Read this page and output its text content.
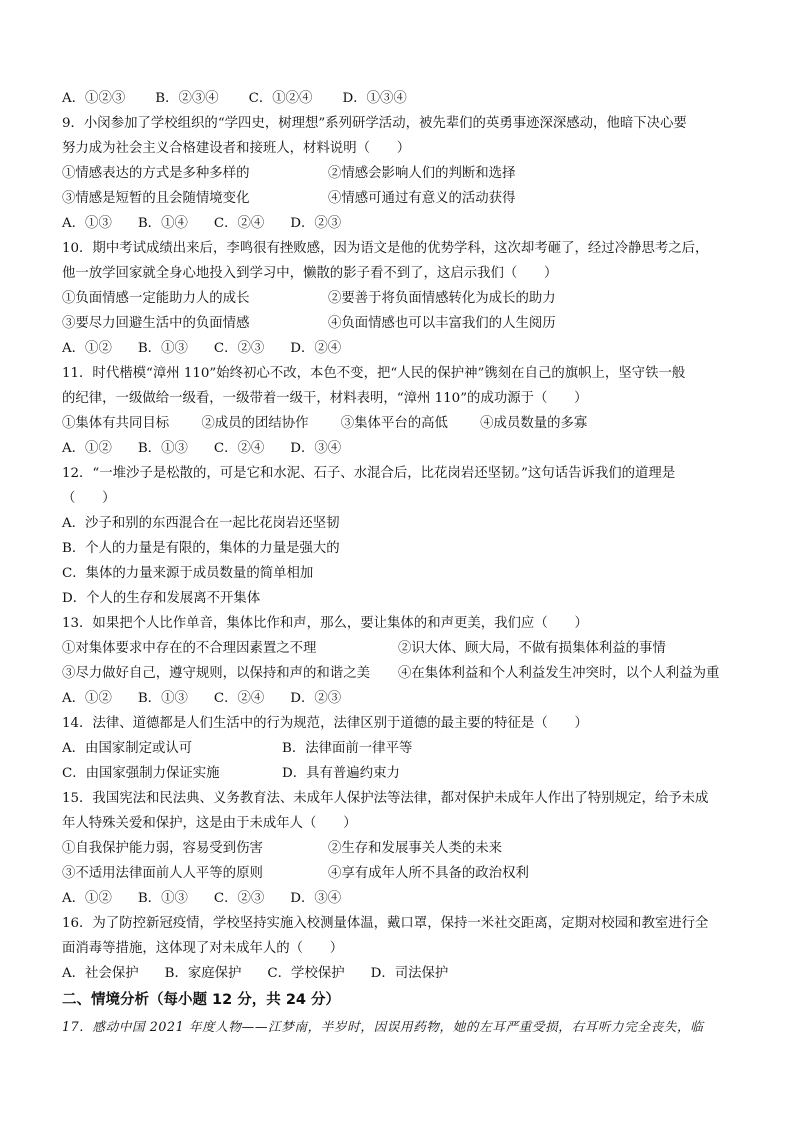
A．①②③ B．②③④ C．①②④ D．①③④
9．小闵参加了学校组织的“学四史，树理想”系列研学活动，被先辈们的英勇事迹深深感动，他暗下决心要
努力成为社会主义合格建设者和接班人，材料说明（　　）
①情感表达的方式是多种多样的	②情感会影响人们的判断和选择
③情感是短暂的且会随情境变化	④情感可通过有意义的活动获得
A．①③ B．①④ C．②④ D．②③
10．期中考试成绩出来后，李鸣很有挫败感，因为语文是他的优势学科，这次却考砸了，经过冷静思考之后，
他一放学回家就全身心地投入到学习中，懒散的影子看不到了，这启示我们（　　）
①负面情感一定能助力人的成长	②要善于将负面情感转化为成长的助力
③要尽力回避生活中的负面情感	④负面情感也可以丰富我们的人生阅历
A．①② B．①③ C．②③ D．②④
11．时代楷模“漳州 110”始终初心不改，本色不变，把“人民的保护神”镌刻在自己的旗帜上，坚守铁一般
的纪律，一级做给一级看，一级带着一级干，材料表明，“漳州 110”的成功源于（　　）
①集体有共同目标 ②成员的团结协作 ③集体平台的高低 ④成员数量的多寡
A．①② B．①③ C．②④ D．③④
12．“一堆沙子是松散的，可是它和水泥、石子、水混合后，比花岗岩还坚韧。”这句话告诉我们的道理是
（　　）
A．沙子和别的东西混合在一起比花岗岩还坚韧
B．个人的力量是有限的，集体的力量是强大的
C．集体的力量来源于成员数量的简单相加
D．个人的生存和发展离不开集体
13．如果把个人比作单音，集体比作和声，那么，要让集体的和声更美，我们应（　　）
①对集体要求中存在的不合理因素置之不理	②识大体、顾大局，不做有损集体利益的事情
③尽力做好自己，遵守规则，以保持和声的和谐之美	④在集体利益和个人利益发生冲突时，以个人利益为重
A．①② B．①③ C．②④ D．②③
14．法律、道德都是人们生活中的行为规范，法律区别于道德的最主要的特征是（　　）
A．由国家制定或认可	B．法律面前一律平等
C．由国家强制力保证实施	D．具有普遍约束力
15．我国宪法和民法典、义务教育法、未成年人保护法等法律，都对保护未成年人作出了特别规定，给予未成
年人特殊关爱和保护，这是由于未成年人（　　）
①自我保护能力弱，容易受到伤害	②生存和发展事关人类的未来
③不适用法律面前人人平等的原则	④享有成年人所不具备的政治权利
A．①② B．①③ C．②③ D．③④
16．为了防控新冠疫情，学校坚持实施入校测量体温，戴口罩，保持一米社交距离，定期对校园和教室进行全
面消毒等措施，这体现了对未成年人的（　　）
A．社会保护 B．家庭保护 C．学校保护 D．司法保护
二、情境分析（每小题 12 分，共 24 分）
17．感动中国 2021 年度人物——江梦南，半岁时，因误用药物，她的左耳严重受损，右耳听力完全丧失，临
